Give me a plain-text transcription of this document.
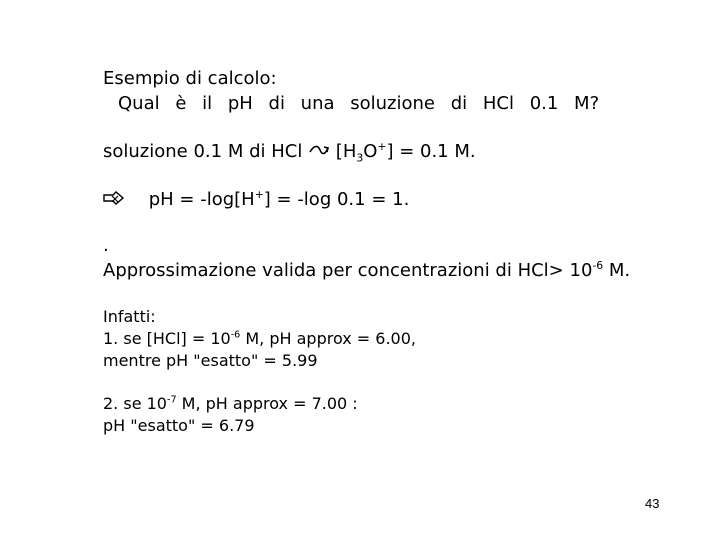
Esempio di calcolo:
Qual è il pH di una soluzione di HCl 0.1 M?
soluzione 0.1 M di HCl $[H_3O^+] = 0.1$ M.
pH = -log[H+] = -log 0.1 = 1.
.
Approssimazione valida per concentrazioni di $HCl> 10^{-6}$ M.
Infatti:
1. se $[HCl] = 10^{-6}$ M, pH approx = 6.00,
mentre pH "esatto" = 5.99
2. se $10^{-7}$ M, pH approx = 7.00 :
pH "esatto" = 6.79
43
